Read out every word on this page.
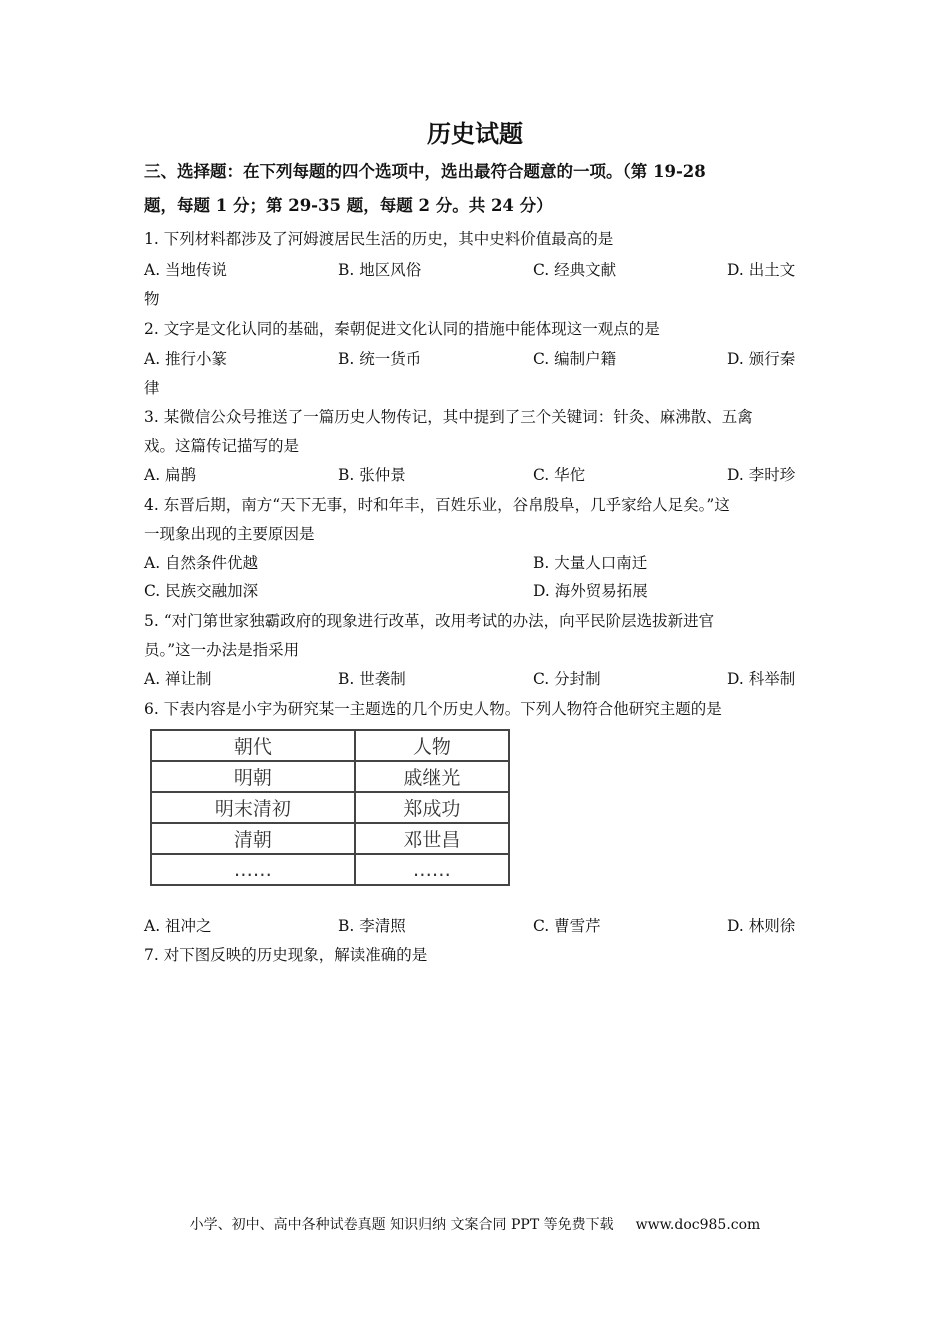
历史试题
三、选择题：在下列每题的四个选项中，选出最符合题意的一项。（第 19-28
题，每题 1 分；第 29-35 题，每题 2 分。共 24 分）
1. 下列材料都涉及了河姆渡居民生活的历史，其中史料价值最高的是
A. 当地传说	B. 地区风俗	C. 经典文献	D. 出土文
物
2. 文字是文化认同的基础，秦朝促进文化认同的措施中能体现这一观点的是
A. 推行小篆	B. 统一货币	C. 编制户籍	D. 颁行秦
律
3. 某微信公众号推送了一篇历史人物传记，其中提到了三个关键词：针灸、麻沸散、五禽
戏。这篇传记描写的是
A. 扁鹊	B. 张仲景	C. 华佗	D. 李时珍
4. 东晋后期，南方“天下无事，时和年丰，百姓乐业，谷帛殷阜，几乎家给人足矣。”这
一现象出现的主要原因是
A. 自然条件优越	B. 大量人口南迁
C. 民族交融加深	D. 海外贸易拓展
5. “对门第世家独霸政府的现象进行改革，改用考试的办法，向平民阶层选拔新进官
员。”这一办法是指采用
A. 禅让制	B. 世袭制	C. 分封制	D. 科举制
6. 下表内容是小宇为研究某一主题选的几个历史人物。下列人物符合他研究主题的是
朝代	人物
明朝	戚继光
明末清初	郑成功
清朝	邓世昌
……	……
A. 祖冲之	B. 李清照	C. 曹雪芹	D. 林则徐
7. 对下图反映的历史现象，解读准确的是
小学、初中、高中各种试卷真题 知识归纳 文案合同 PPT 等免费下载 www.doc985.com
